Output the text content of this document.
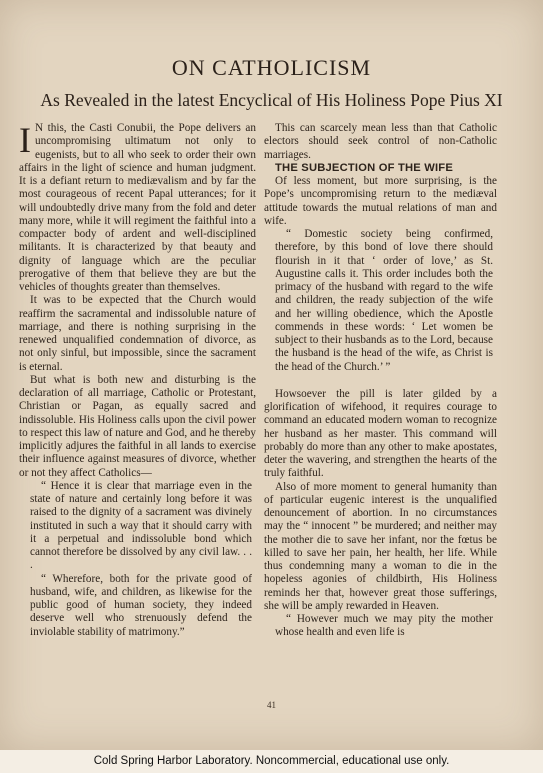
ON CATHOLICISM
As Revealed in the latest Encyclical of His Holiness Pope Pius XI

I N this, the Casti Conubii, the Pope delivers an uncompromising ultimatum not only to eugenists, but to all who seek to order their own affairs in the light of science and human judgment. It is a defiant return to mediævalism and by far the most courageous of recent Papal utterances; for it will undoubtedly drive many from the fold and deter many more, while it will regiment the faithful into a compacter body of ardent and well-disciplined militants. It is characterized by that beauty and dignity of language which are the peculiar prerogative of them that believe they are but the vehicles of thoughts greater than themselves.

It was to be expected that the Church would reaffirm the sacramental and indissoluble nature of marriage, and there is nothing surprising in the renewed unqualified condemnation of divorce, as not only sinful, but impossible, since the sacrament is eternal.

But what is both new and disturbing is the declaration of all marriage, Catholic or Protestant, Christian or Pagan, as equally sacred and indissoluble. His Holiness calls upon the civil power to respect this law of nature and God, and he thereby implicitly adjures the faithful in all lands to exercise their influence against measures of divorce, whether or not they affect Catholics—

“ Hence it is clear that marriage even in the state of nature and certainly long before it was raised to the dignity of a sacrament was divinely instituted in such a way that it should carry with it a perpetual and indissoluble bond which cannot therefore be dissolved by any civil law. . . .

“ Wherefore, both for the private good of husband, wife, and children, as likewise for the public good of human society, they indeed deserve well who strenuously defend the inviolable stability of matrimony.”

This can scarcely mean less than that Catholic electors should seek control of non-Catholic marriages.

THE SUBJECTION OF THE WIFE

Of less moment, but more surprising, is the Pope’s uncompromising return to the mediæval attitude towards the mutual relations of man and wife.

“ Domestic society being confirmed, therefore, by this bond of love there should flourish in it that ‘ order of love,’ as St. Augustine calls it. This order includes both the primacy of the husband with regard to the wife and children, the ready subjection of the wife and her willing obedience, which the Apostle commends in these words: ‘ Let women be subject to their husbands as to the Lord, because the husband is the head of the wife, as Christ is the head of the Church.’ ”

Howsoever the pill is later gilded by a glorification of wifehood, it requires courage to command an educated modern woman to recognize her husband as her master. This command will probably do more than any other to make apostates, deter the wavering, and strengthen the hearts of the truly faithful.

Also of more moment to general humanity than of particular eugenic interest is the unqualified denouncement of abortion. In no circumstances may the “ innocent ” be murdered; and neither may the mother die to save her infant, nor the fœtus be killed to save her pain, her health, her life. While thus condemning many a woman to die in the hopeless agonies of childbirth, His Holiness reminds her that, however great those sufferings, she will be amply rewarded in Heaven.

“ However much we may pity the mother whose health and even life is

41
Cold Spring Harbor Laboratory. Noncommercial, educational use only.
